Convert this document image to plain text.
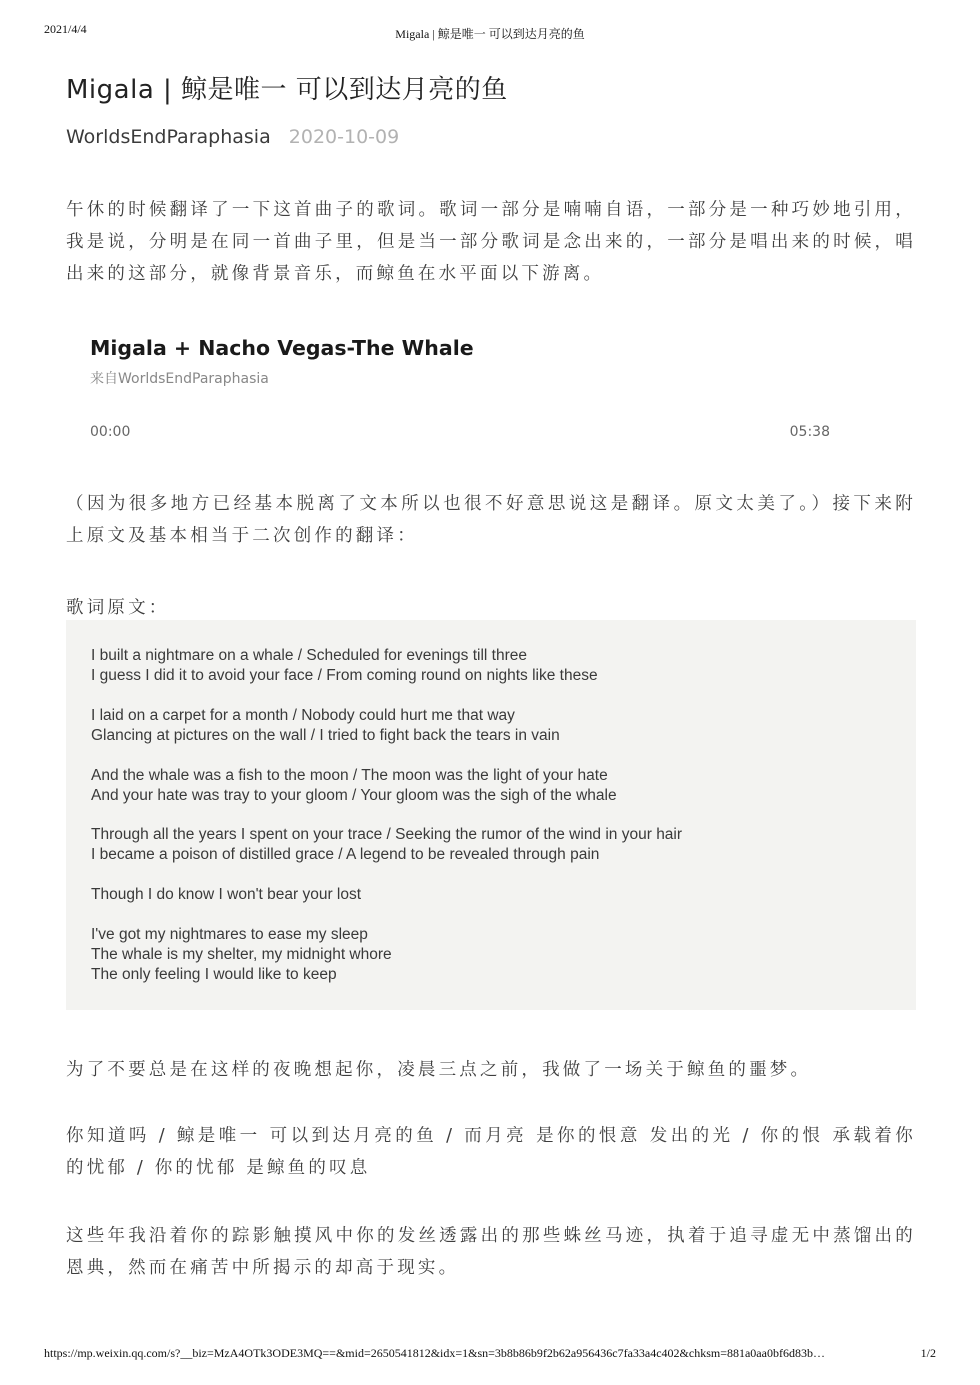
2021/4/4	Migala | 鲸是唯一 可以到达月亮的鱼
Migala | 鲸是唯一 可以到达月亮的鱼
WorldsEndParaphasia 2020-10-09

午休的时候翻译了一下这首曲子的歌词。歌词一部分是喃喃自语，一部分是一种巧妙地引用，我是说，分明是在同一首曲子里，但是当一部分歌词是念出来的，一部分是唱出来的时候，唱出来的这部分，就像背景音乐，而鲸鱼在水平面以下游离。

Migala + Nacho Vegas-The Whale
来自WorldsEndParaphasia
00:00	05:38

（因为很多地方已经基本脱离了文本所以也很不好意思说这是翻译。原文太美了。）接下来附上原文及基本相当于二次创作的翻译：

歌词原文：

I built a nightmare on a whale / Scheduled for evenings till three
I guess I did it to avoid your face / From coming round on nights like these
I laid on a carpet for a month / Nobody could hurt me that way
Glancing at pictures on the wall / I tried to fight back the tears in vain
And the whale was a fish to the moon / The moon was the light of your hate
And your hate was tray to your gloom / Your gloom was the sigh of the whale
Through all the years I spent on your trace / Seeking the rumor of the wind in your hair
I became a poison of distilled grace / A legend to be revealed through pain
Though I do know I won't bear your lost
I've got my nightmares to ease my sleep
The whale is my shelter, my midnight whore
The only feeling I would like to keep

为了不要总是在这样的夜晚想起你，凌晨三点之前，我做了一场关于鲸鱼的噩梦。

你知道吗 / 鲸是唯一 可以到达月亮的鱼 / 而月亮 是你的恨意 发出的光 / 你的恨 承载着你的忧郁 / 你的忧郁 是鲸鱼的叹息

这些年我沿着你的踪影触摸风中你的发丝透露出的那些蛛丝马迹，执着于追寻虚无中蒸馏出的恩典，然而在痛苦中所揭示的却高于现实。

https://mp.weixin.qq.com/s?__biz=MzA4OTk3ODE3MQ==&mid=2650541812&idx=1&sn=3b8b86b9f2b62a956436c7fa33a4c402&chksm=881a0aa0bf6d83b…	1/2
